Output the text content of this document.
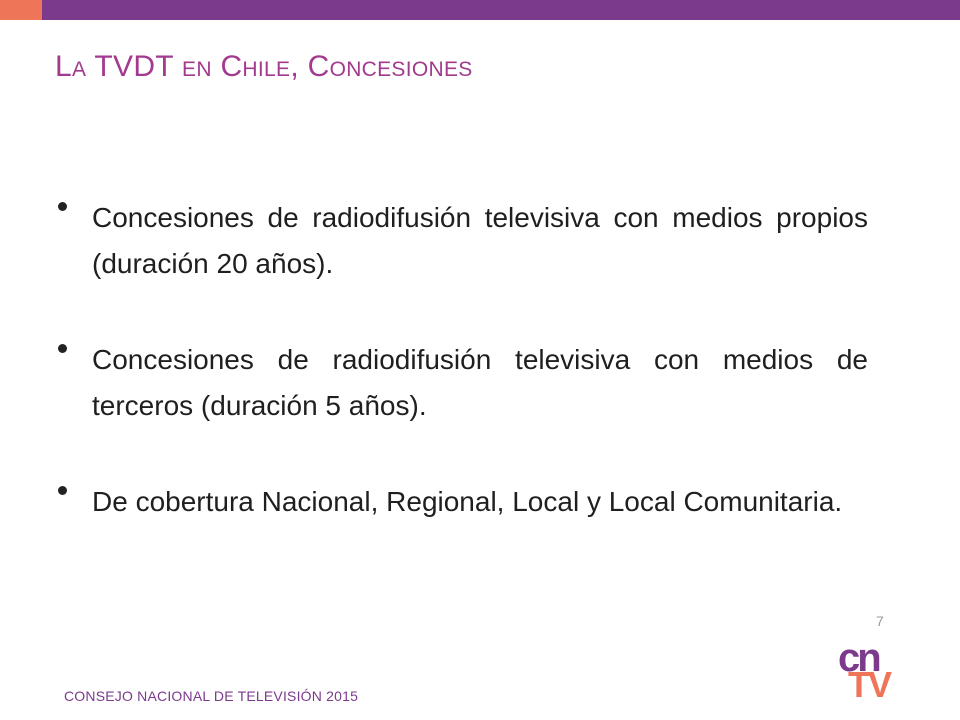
LA TVDT EN CHILE, CONCESIONES
Concesiones de radiodifusión televisiva con medios propios (duración 20 años).
Concesiones de radiodifusión televisiva con medios de terceros (duración 5 años).
De cobertura Nacional, Regional, Local y Local Comunitaria.
7
CONSEJO NACIONAL DE TELEVISIÓN 2015
cn
TV
